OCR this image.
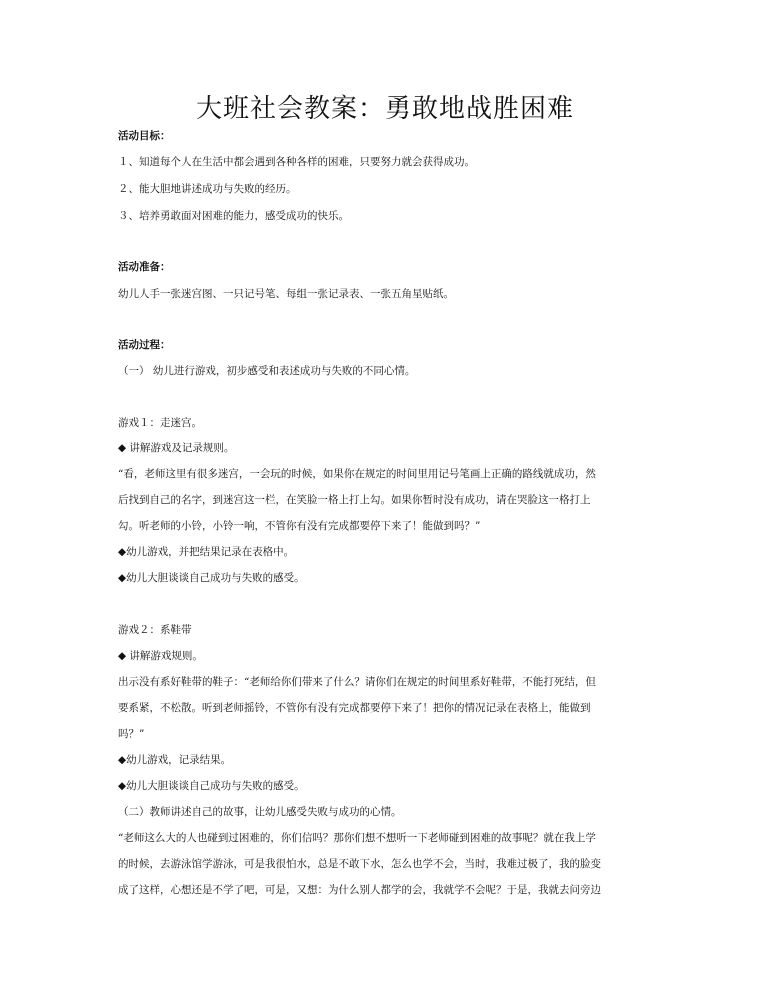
大班社会教案：勇敢地战胜困难
活动目标：
１、知道每个人在生活中都会遇到各种各样的困难，只要努力就会获得成功。
２、能大胆地讲述成功与失败的经历。
３、培养勇敢面对困难的能力，感受成功的快乐。
活动准备：
幼儿人手一张迷宫图、一只记号笔、每组一张记录表、一张五角星贴纸。
活动过程：
（一） 幼儿进行游戏，初步感受和表述成功与失败的不同心情。
游戏１：走迷宫。
◆ 讲解游戏及记录规则。
“看，老师这里有很多迷宫，一会玩的时候，如果你在规定的时间里用记号笔画上正确的路线就成功，然
后找到自己的名字，到迷宫这一栏，在笑脸一格上打上勾。如果你暂时没有成功，请在哭脸这一格打上
勾。听老师的小铃，小铃一响，不管你有没有完成都要停下来了！能做到吗？”
◆幼儿游戏，并把结果记录在表格中。
◆幼儿大胆谈谈自己成功与失败的感受。
游戏２：系鞋带
◆ 讲解游戏规则。
出示没有系好鞋带的鞋子：“老师给你们带来了什么？请你们在规定的时间里系好鞋带，不能打死结，但
要系紧，不松散。听到老师摇铃，不管你有没有完成都要停下来了！把你的情况记录在表格上，能做到
吗？”
◆幼儿游戏，记录结果。
◆幼儿大胆谈谈自己成功与失败的感受。
（二）教师讲述自己的故事，让幼儿感受失败与成功的心情。
“老师这么大的人也碰到过困难的，你们信吗？那你们想不想听一下老师碰到困难的故事呢？就在我上学
的时候，去游泳馆学游泳，可是我很怕水，总是不敢下水，怎么也学不会，当时，我难过极了，我的脸变
成了这样，心想还是不学了吧，可是，又想：为什么别人都学的会，我就学不会呢？于是，我就去问旁边
